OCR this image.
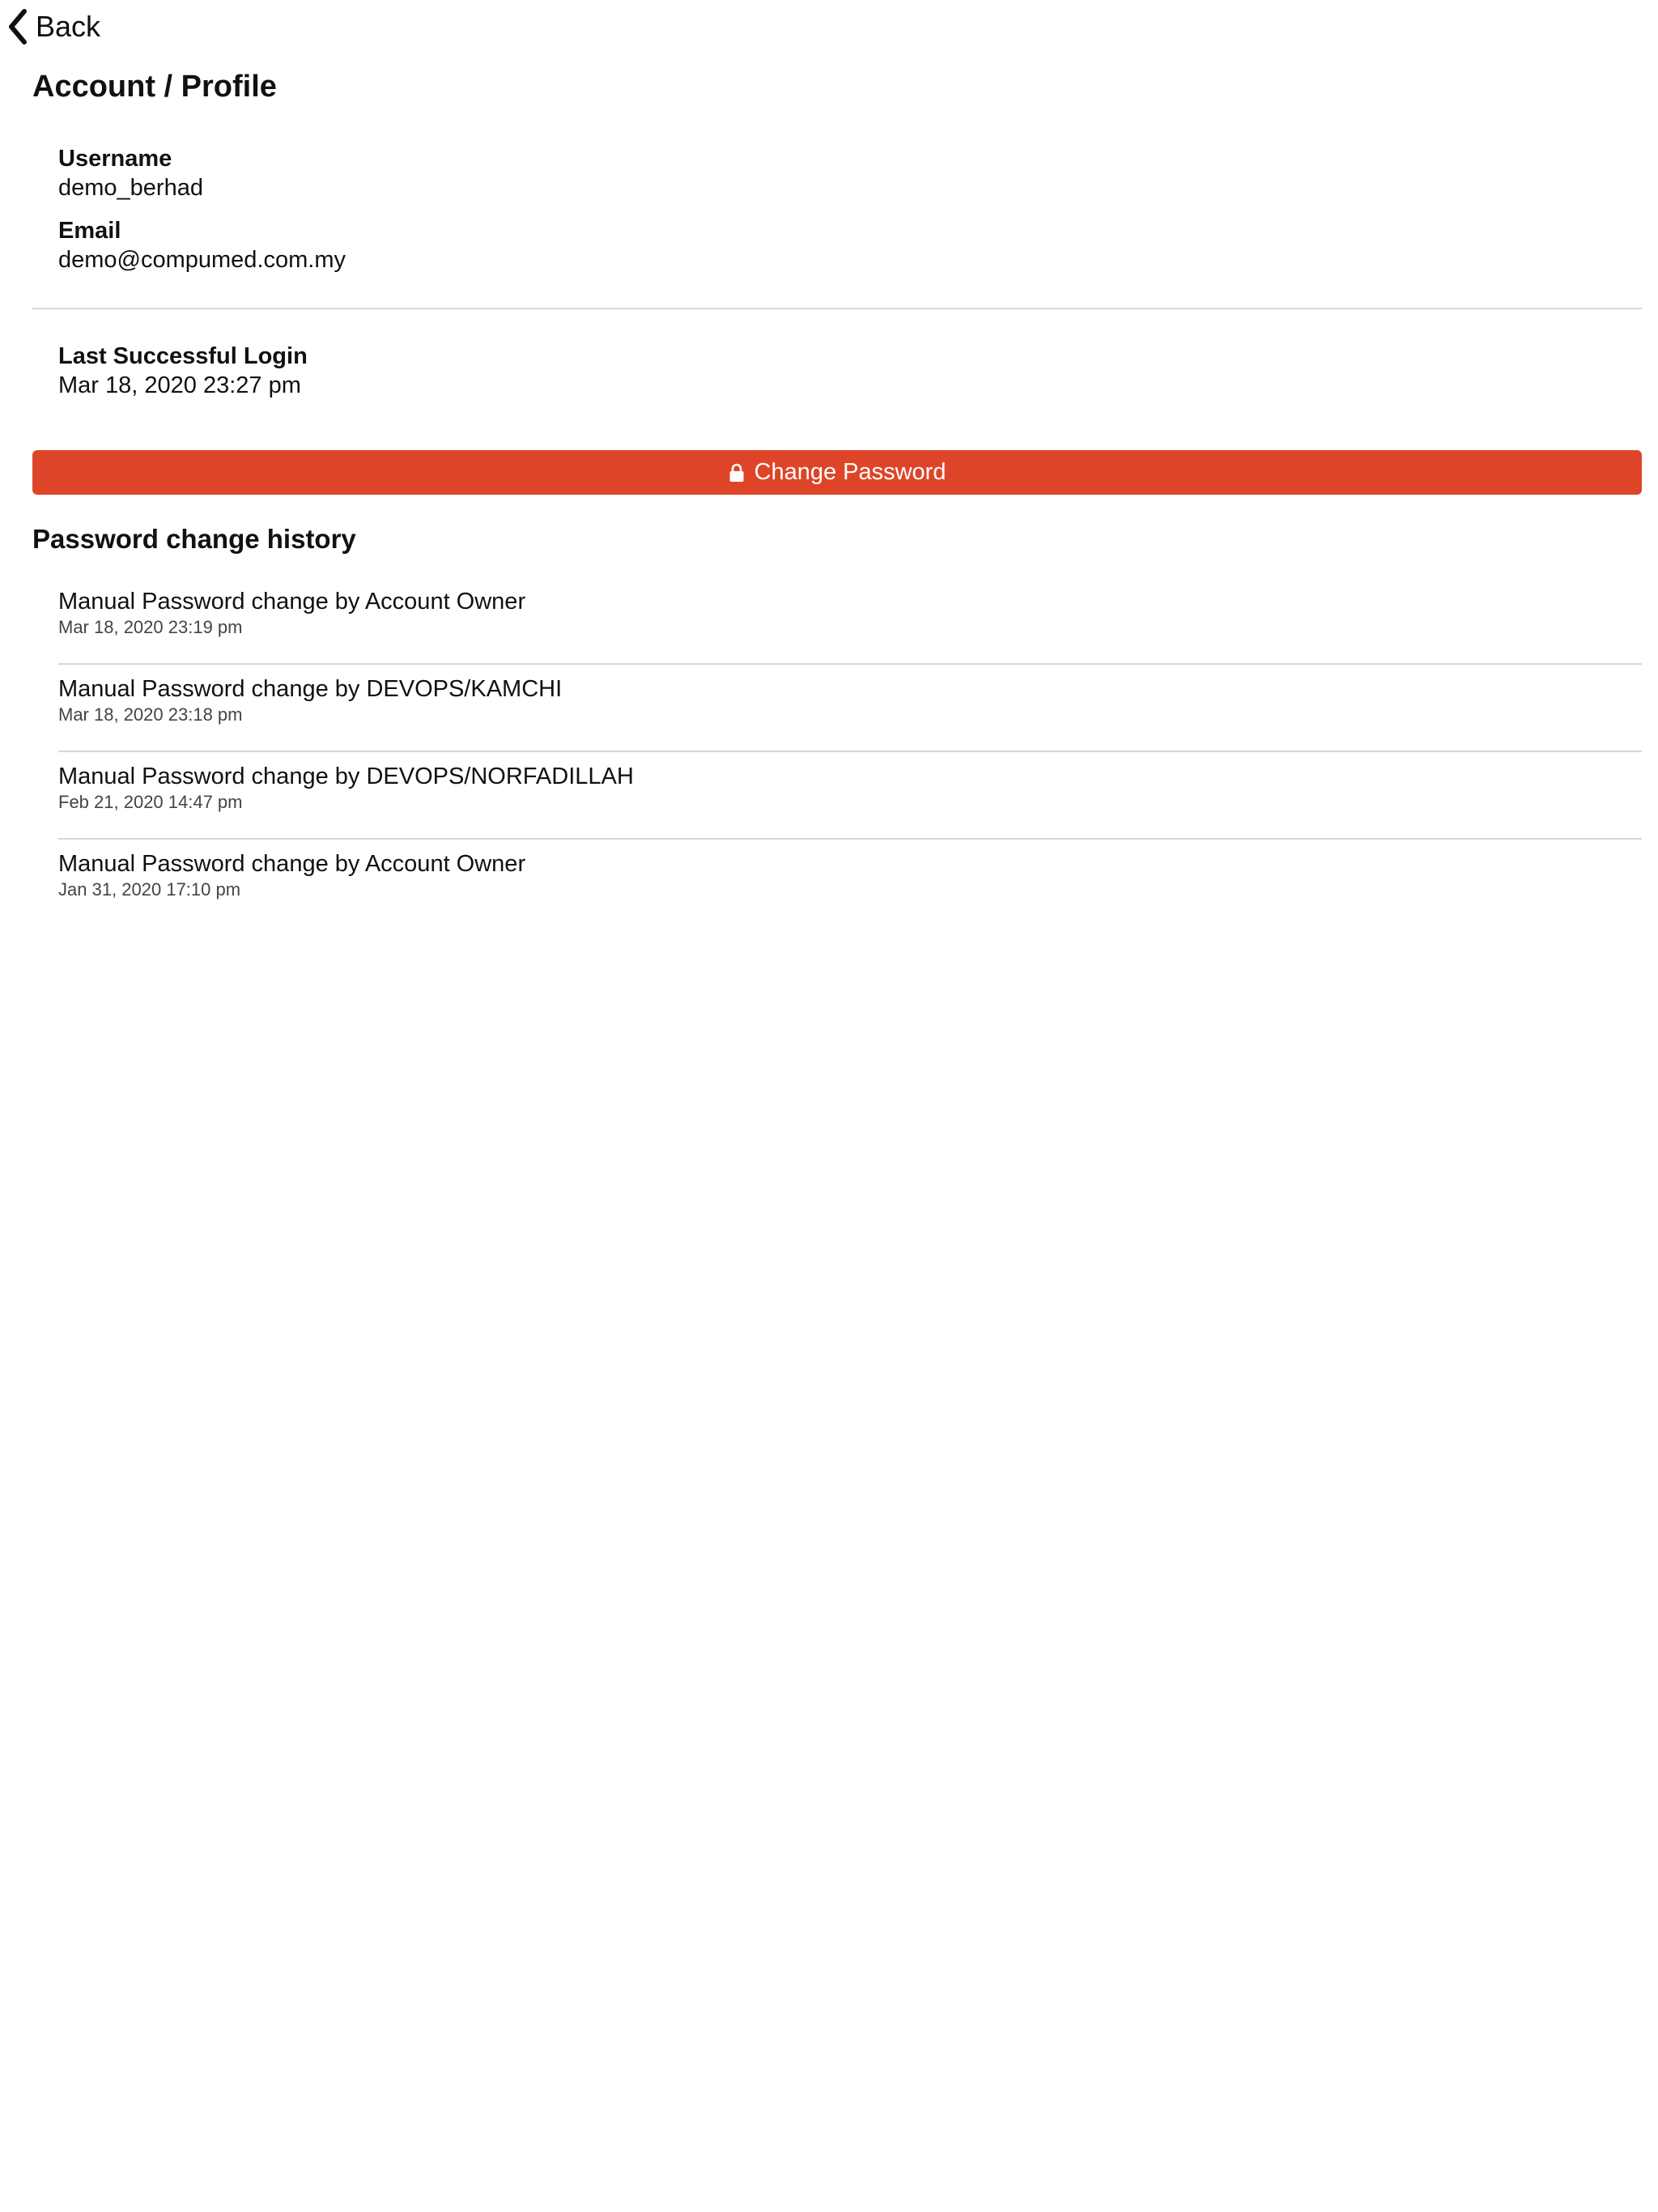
Back
Account / Profile
Username
demo_berhad
Email
demo@compumed.com.my
Last Successful Login
Mar 18, 2020 23:27 pm
Change Password
Password change history
Manual Password change by Account Owner
Mar 18, 2020 23:19 pm
Manual Password change by DEVOPS/KAMCHI
Mar 18, 2020 23:18 pm
Manual Password change by DEVOPS/NORFADILLAH
Feb 21, 2020 14:47 pm
Manual Password change by Account Owner
Jan 31, 2020 17:10 pm
